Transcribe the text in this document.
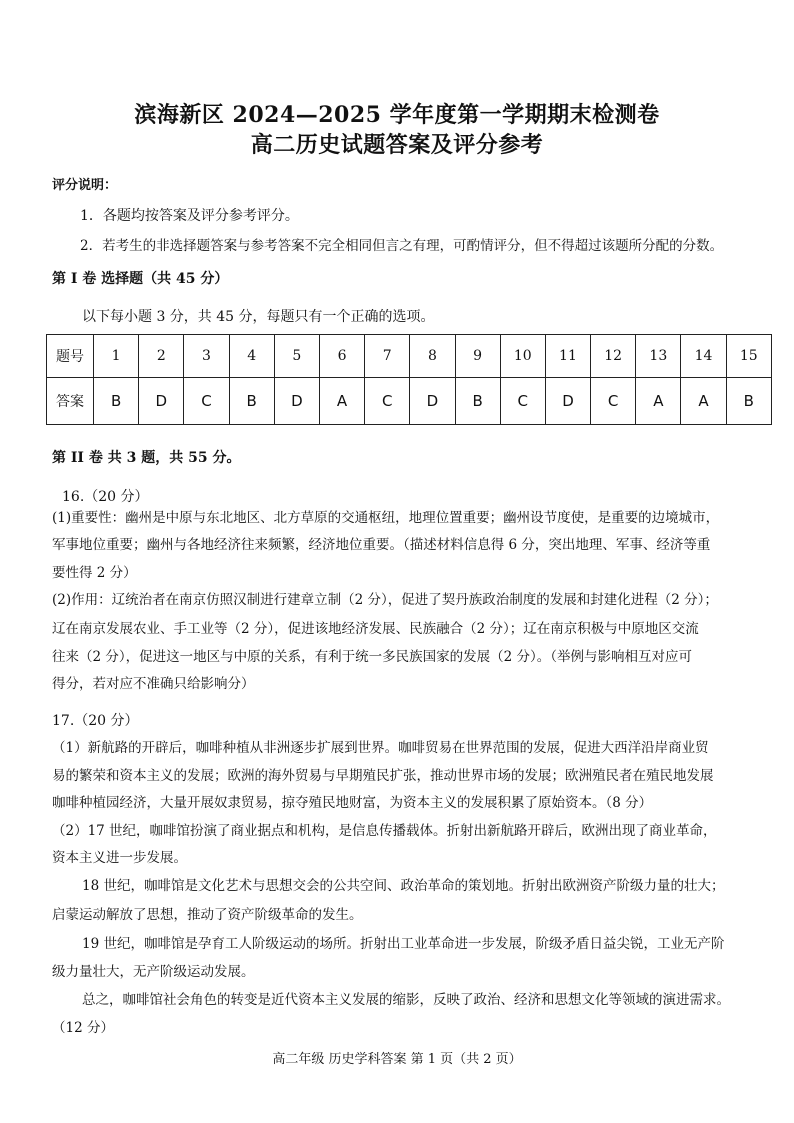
滨海新区 2024—2025 学年度第一学期期末检测卷
高二历史试题答案及评分参考
评分说明：
1．各题均按答案及评分参考评分。
2．若考生的非选择题答案与参考答案不完全相同但言之有理，可酌情评分，但不得超过该题所分配的分数。
第 I 卷 选择题（共 45 分）
以下每小题 3 分，共 45 分，每题只有一个正确的选项。
题号	1	2	3	4	5	6	7	8	9	10	11	12	13	14	15
答案	B	D	C	B	D	A	C	D	B	C	D	C	A	A	B
第 II 卷 共 3 题，共 55 分。
16.（20 分）
(1)重要性：幽州是中原与东北地区、北方草原的交通枢纽，地理位置重要；幽州设节度使，是重要的边境城市，
军事地位重要；幽州与各地经济往来频繁，经济地位重要。（描述材料信息得 6 分，突出地理、军事、经济等重
要性得 2 分）
(2)作用：辽统治者在南京仿照汉制进行建章立制（2 分），促进了契丹族政治制度的发展和封建化进程（2 分）；
辽在南京发展农业、手工业等（2 分），促进该地经济发展、民族融合（2 分）；辽在南京积极与中原地区交流
往来（2 分），促进这一地区与中原的关系，有利于统一多民族国家的发展（2 分）。（举例与影响相互对应可
得分，若对应不准确只给影响分）
17.（20 分）
（1）新航路的开辟后，咖啡种植从非洲逐步扩展到世界。咖啡贸易在世界范围的发展，促进大西洋沿岸商业贸
易的繁荣和资本主义的发展；欧洲的海外贸易与早期殖民扩张，推动世界市场的发展；欧洲殖民者在殖民地发展
咖啡种植园经济，大量开展奴隶贸易，掠夺殖民地财富，为资本主义的发展积累了原始资本。（8 分）
（2）17 世纪，咖啡馆扮演了商业据点和机构，是信息传播载体。折射出新航路开辟后，欧洲出现了商业革命，
资本主义进一步发展。
18 世纪，咖啡馆是文化艺术与思想交会的公共空间、政治革命的策划地。折射出欧洲资产阶级力量的壮大；
启蒙运动解放了思想，推动了资产阶级革命的发生。
19 世纪，咖啡馆是孕育工人阶级运动的场所。折射出工业革命进一步发展，阶级矛盾日益尖锐，工业无产阶
级力量壮大，无产阶级运动发展。
总之，咖啡馆社会角色的转变是近代资本主义发展的缩影，反映了政治、经济和思想文化等领域的演进需求。
（12 分）
高二年级 历史学科答案 第 1 页（共 2 页）
